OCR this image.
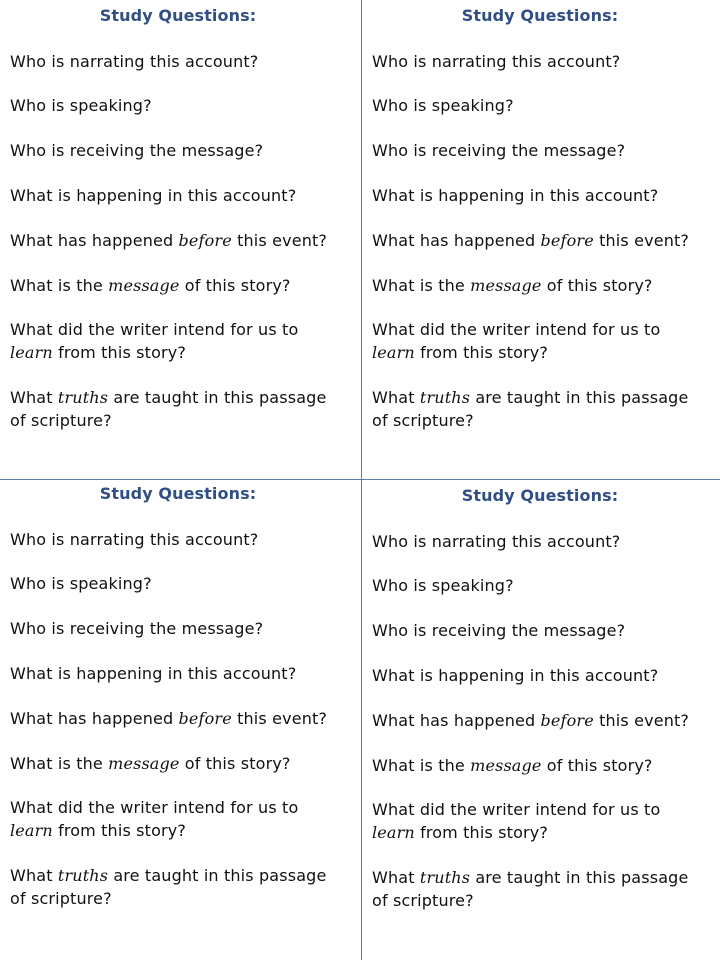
Study Questions:

Who is narrating this account?

Who is speaking?

Who is receiving the message?

What is happening in this account?

What has happened before this event?

What is the message of this story?

What did the writer intend for us to
learn from this story?

What truths are taught in this passage
of scripture?

Study Questions:

Who is narrating this account?

Who is speaking?

Who is receiving the message?

What is happening in this account?

What has happened before this event?

What is the message of this story?

What did the writer intend for us to
learn from this story?

What truths are taught in this passage
of scripture?

Study Questions:

Who is narrating this account?

Who is speaking?

Who is receiving the message?

What is happening in this account?

What has happened before this event?

What is the message of this story?

What did the writer intend for us to
learn from this story?

What truths are taught in this passage
of scripture?

Study Questions:

Who is narrating this account?

Who is speaking?

Who is receiving the message?

What is happening in this account?

What has happened before this event?

What is the message of this story?

What did the writer intend for us to
learn from this story?

What truths are taught in this passage
of scripture?
